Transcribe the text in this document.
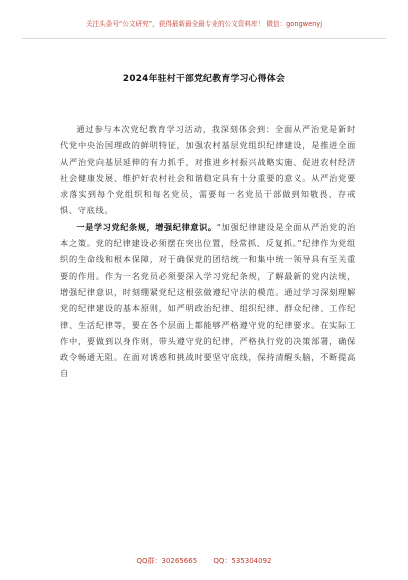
关注头条号“公文研究”，获得最新最全最专业的公文资料库！ 微信：gongwenyj
2024年驻村干部党纪教育学习心得体会

通过参与本次党纪教育学习活动，我深刻体会到：全面从严治党是新时代党中央治国理政的鲜明特征，加强农村基层党组织纪律建设，是推进全面从严治党向基层延伸的有力抓手，对推进乡村振兴战略实施、促进农村经济社会健康发展、维护好农村社会和谐稳定具有十分重要的意义。从严治党要求落实到每个党组织和每名党员，需要每一名党员干部做到知敬畏、存戒惧、守底线。

一是学习党纪条规，增强纪律意识。“加强纪律建设是全面从严治党的治本之策。党的纪律建设必须摆在突出位置，经常抓、反复抓。”纪律作为党组织的生命线和根本保障，对于确保党的团结统一和集中统一领导具有至关重要的作用。作为一名党员必须要深入学习党纪条规，了解最新的党内法规，增强纪律意识，时刻绷紧党纪这根弦做遵纪守法的模范。通过学习深刻理解党的纪律建设的基本原则，如严明政治纪律、组织纪律、群众纪律、工作纪律、生活纪律等，要在各个层面上都能够严格遵守党的纪律要求。在实际工作中，要做到以身作则，带头遵守党的纪律，严格执行党的决策部署，确保政令畅通无阻。在面对诱惑和挑战时要坚守底线，保持清醒头脑，不断提高自

QQ群：30265665 QQ：535304092
